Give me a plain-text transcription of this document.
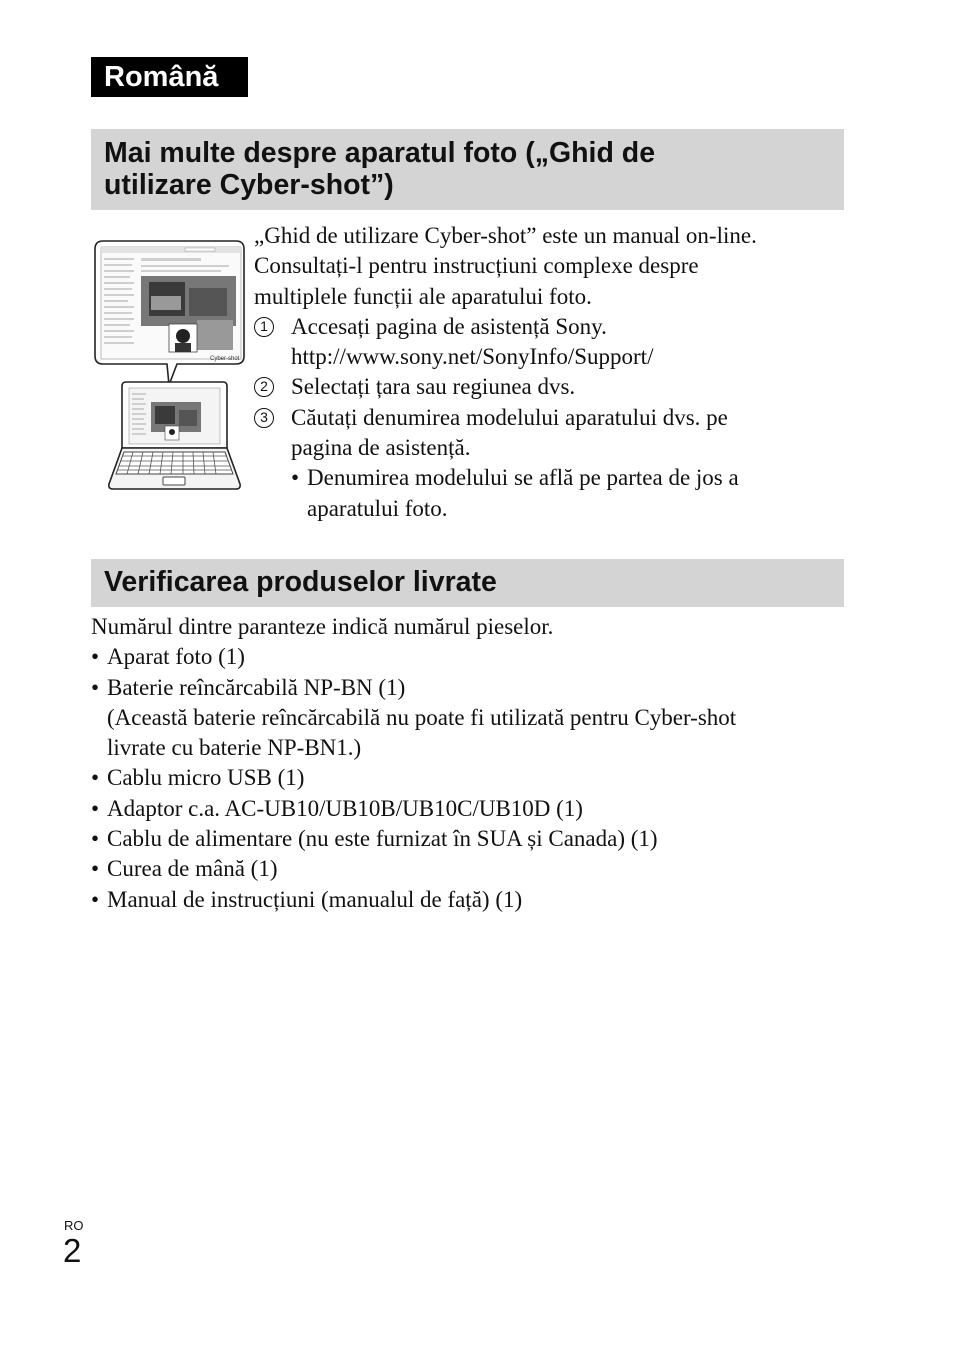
Română
Mai multe despre aparatul foto („Ghid de
utilizare Cyber-shot”)
Cyber-shot

„Ghid de utilizare Cyber-shot” este un manual on-line.

Consultați-l pentru instrucțiuni complexe despre

multiplele funcții ale aparatului foto.

1 Accesați pagina de asistență Sony.
http://www.sony.net/SonyInfo/Support/
2 Selectați țara sau regiunea dvs.
3 Căutați denumirea modelului aparatului dvs. pe
pagina de asistență.
• Denumirea modelului se află pe partea de jos a
aparatului foto.
Verificarea produselor livrate

Numărul dintre paranteze indică numărul pieselor.

• Aparat foto (1)
• Baterie reîncărcabilă NP-BN (1)
(Această baterie reîncărcabilă nu poate fi utilizată pentru Cyber-shot
livrate cu baterie NP-BN1.)
• Cablu micro USB (1)
• Adaptor c.a. AC-UB10/UB10B/UB10C/UB10D (1)
• Cablu de alimentare (nu este furnizat în SUA și Canada) (1)
• Curea de mână (1)
• Manual de instrucțiuni (manualul de față) (1)
RO
2
